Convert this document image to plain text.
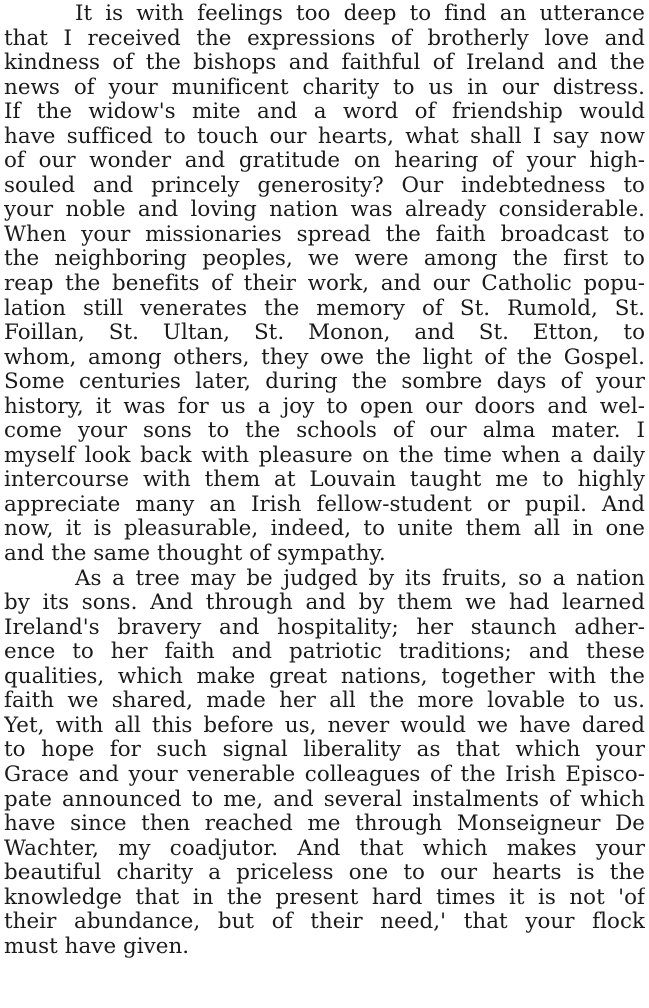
It is with feelings too deep to find an utterance
that I received the expressions of brotherly love and
kindness of the bishops and faithful of Ireland and the
news of your munificent charity to us in our distress.
If the widow's mite and a word of friendship would
have sufficed to touch our hearts, what shall I say now
of our wonder and gratitude on hearing of your high-
souled and princely generosity? Our indebtedness to
your noble and loving nation was already considerable.
When your missionaries spread the faith broadcast to
the neighboring peoples, we were among the first to
reap the benefits of their work, and our Catholic popu-
lation still venerates the memory of St. Rumold, St.
Foillan, St. Ultan, St. Monon, and St. Etton, to
whom, among others, they owe the light of the Gospel.
Some centuries later, during the sombre days of your
history, it was for us a joy to open our doors and wel-
come your sons to the schools of our alma mater. I
myself look back with pleasure on the time when a daily
intercourse with them at Louvain taught me to highly
appreciate many an Irish fellow-student or pupil. And
now, it is pleasurable, indeed, to unite them all in one
and the same thought of sympathy.
As a tree may be judged by its fruits, so a nation
by its sons. And through and by them we had learned
Ireland's bravery and hospitality; her staunch adher-
ence to her faith and patriotic traditions; and these
qualities, which make great nations, together with the
faith we shared, made her all the more lovable to us.
Yet, with all this before us, never would we have dared
to hope for such signal liberality as that which your
Grace and your venerable colleagues of the Irish Episco-
pate announced to me, and several instalments of which
have since then reached me through Monseigneur De
Wachter, my coadjutor. And that which makes your
beautiful charity a priceless one to our hearts is the
knowledge that in the present hard times it is not 'of
their abundance, but of their need,' that your flock
must have given.
